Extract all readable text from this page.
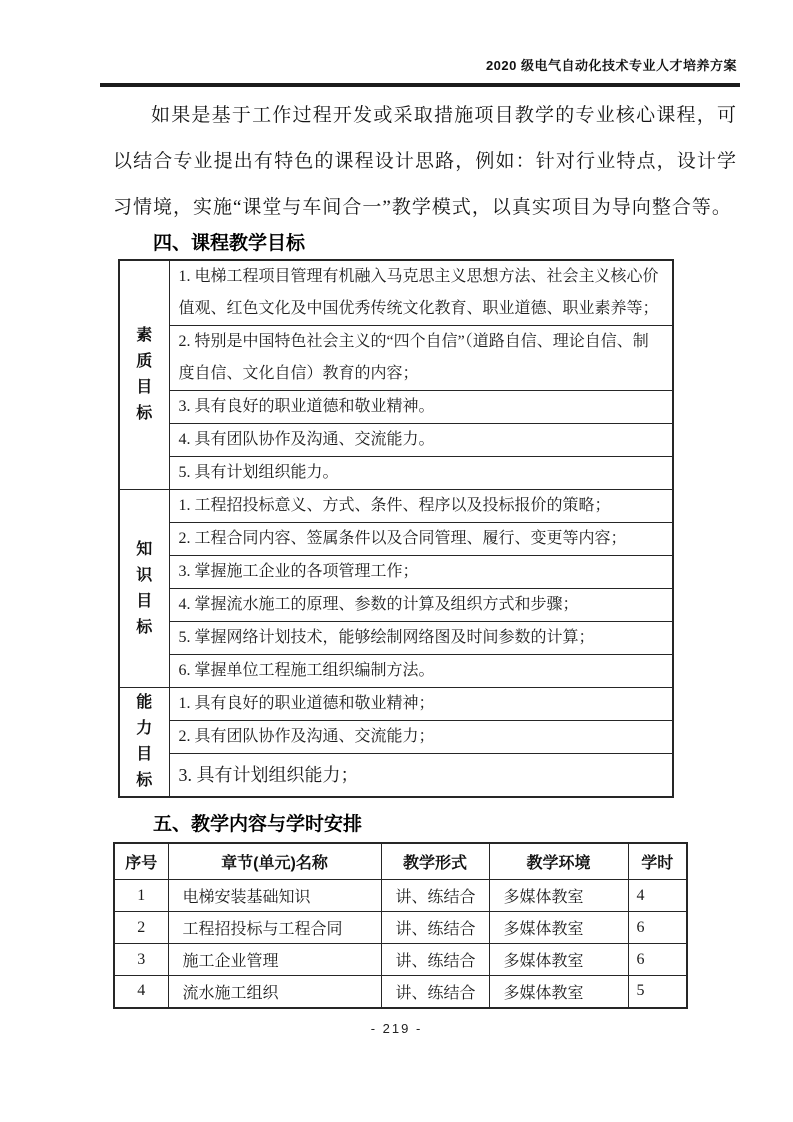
2020 级电气自动化技术专业人才培养方案

如果是基于工作过程开发或采取措施项目教学的专业核心课程，可以结合专业提出有特色的课程设计思路，例如：针对行业特点，设计学习情境，实施“课堂与车间合一”教学模式，以真实项目为导向整合等。

四、课程教学目标
素质目标	1. 电梯工程项目管理有机融入马克思主义思想方法、社会主义核心价值观、红色文化及中国优秀传统文化教育、职业道德、职业素养等；
	2. 特别是中国特色社会主义的“四个自信”（道路自信、理论自信、制度自信、文化自信）教育的内容；
	3. 具有良好的职业道德和敬业精神。
	4. 具有团队协作及沟通、交流能力。
	5. 具有计划组织能力。
知识目标	1. 工程招投标意义、方式、条件、程序以及投标报价的策略；
	2. 工程合同内容、签属条件以及合同管理、履行、变更等内容；
	3. 掌握施工企业的各项管理工作；
	4. 掌握流水施工的原理、参数的计算及组织方式和步骤；
	5. 掌握网络计划技术，能够绘制网络图及时间参数的计算；
	6. 掌握单位工程施工组织编制方法。
能力目标	1. 具有良好的职业道德和敬业精神；
	2. 具有团队协作及沟通、交流能力；
	3. 具有计划组织能力；
五、教学内容与学时安排
序号	章节(单元)名称	教学形式	教学环境	学时
1	电梯安装基础知识	讲、练结合	多媒体教室	4
2	工程招投标与工程合同	讲、练结合	多媒体教室	6
3	施工企业管理	讲、练结合	多媒体教室	6
4	流水施工组织	讲、练结合	多媒体教室	5
- 219 -
